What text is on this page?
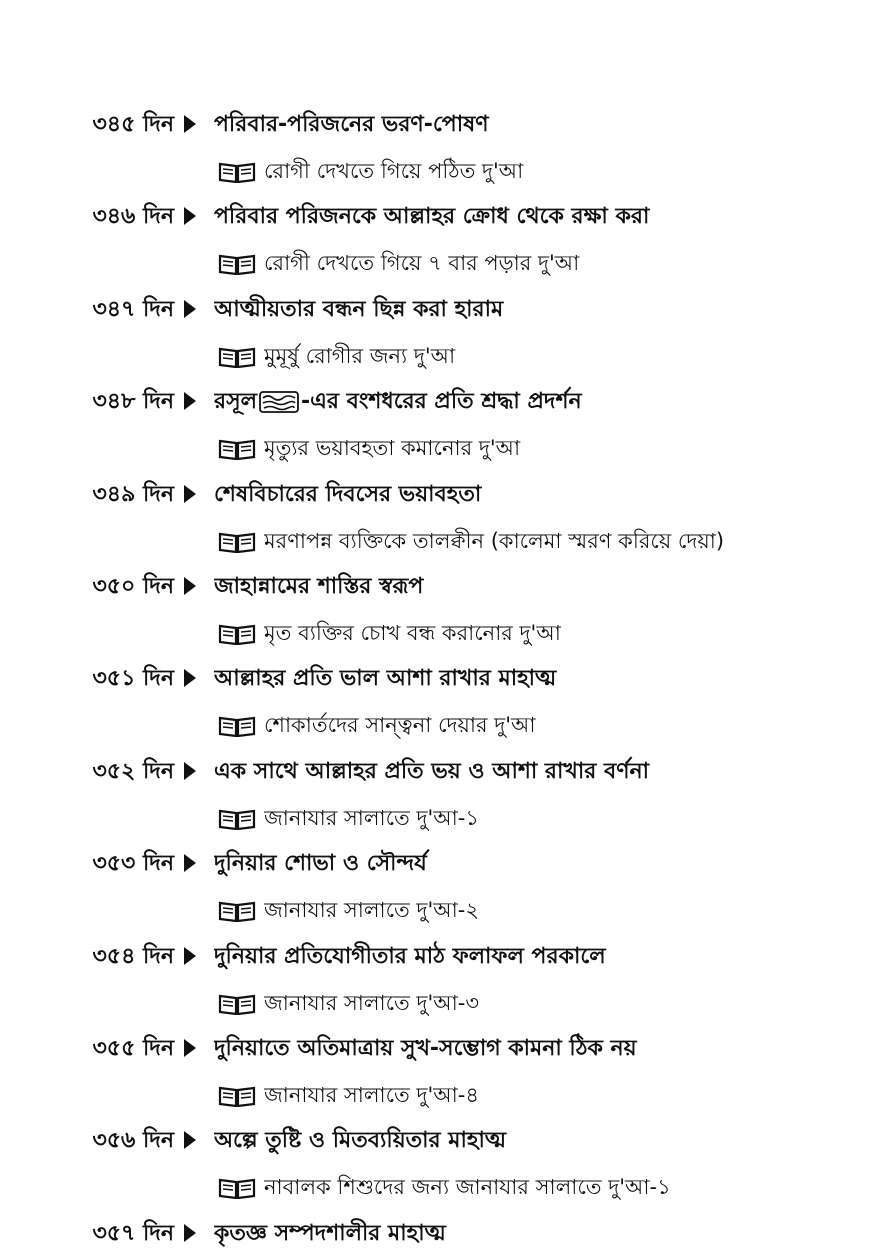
৩৪৫ দিন পরিবার-পরিজনের ভরণ-পোষণ
রোগী দেখতে গিয়ে পঠিত দু'আ
৩৪৬ দিন পরিবার পরিজনকে আল্লাহর ক্রোধ থেকে রক্ষা করা
রোগী দেখতে গিয়ে ৭ বার পড়ার দু'আ
৩৪৭ দিন আত্মীয়তার বন্ধন ছিন্ন করা হারাম
মুমূর্ষু রোগীর জন্য দু'আ
৩৪৮ দিন রসূল -এর বংশধরের প্রতি শ্রদ্ধা প্রদর্শন
মৃত্যুর ভয়াবহতা কমানোর দু'আ
৩৪৯ দিন শেষবিচারের দিবসের ভয়াবহতা
মরণাপন্ন ব্যক্তিকে তালক্বীন (কালেমা স্মরণ করিয়ে দেয়া)
৩৫০ দিন জাহান্নামের শাস্তির স্বরূপ
মৃত ব্যক্তির চোখ বন্ধ করানোর দু'আ
৩৫১ দিন আল্লাহর প্রতি ভাল আশা রাখার মাহাত্ম
শোকার্তদের সান্ত্বনা দেয়ার দু'আ
৩৫২ দিন এক সাথে আল্লাহর প্রতি ভয় ও আশা রাখার বর্ণনা
জানাযার সালাতে দু'আ-১
৩৫৩ দিন দুনিয়ার শোভা ও সৌন্দর্য
জানাযার সালাতে দু'আ-২
৩৫৪ দিন দুনিয়ার প্রতিযোগীতার মাঠ ফলাফল পরকালে
জানাযার সালাতে দু'আ-৩
৩৫৫ দিন দুনিয়াতে অতিমাত্রায় সুখ-সম্ভোগ কামনা ঠিক নয়
জানাযার সালাতে দু'আ-৪
৩৫৬ দিন অল্পে তুষ্টি ও মিতব্যয়িতার মাহাত্ম
নাবালক শিশুদের জন্য জানাযার সালাতে দু'আ-১
৩৫৭ দিন কৃতজ্ঞ সম্পদশালীর মাহাত্ম
